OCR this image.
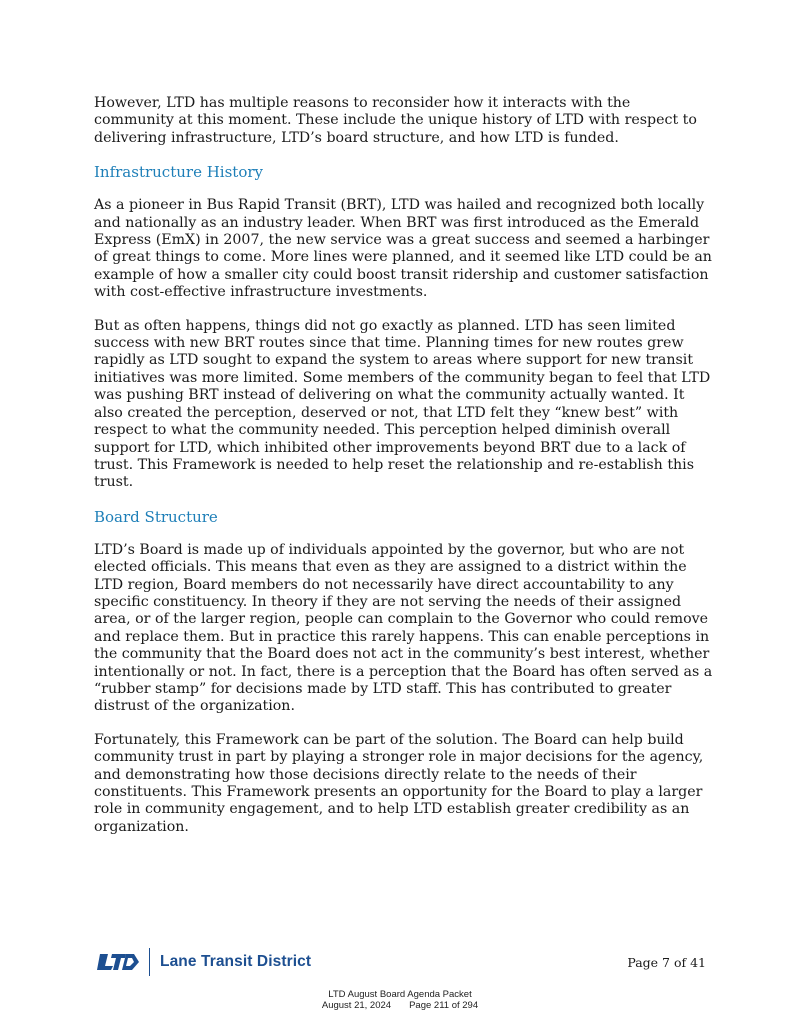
However, LTD has multiple reasons to reconsider how it interacts with the community at this moment. These include the unique history of LTD with respect to delivering infrastructure, LTD’s board structure, and how LTD is funded.

Infrastructure History

As a pioneer in Bus Rapid Transit (BRT), LTD was hailed and recognized both locally and nationally as an industry leader. When BRT was first introduced as the Emerald Express (EmX) in 2007, the new service was a great success and seemed a harbinger of great things to come. More lines were planned, and it seemed like LTD could be an example of how a smaller city could boost transit ridership and customer satisfaction with cost-effective infrastructure investments.

But as often happens, things did not go exactly as planned. LTD has seen limited success with new BRT routes since that time. Planning times for new routes grew rapidly as LTD sought to expand the system to areas where support for new transit initiatives was more limited. Some members of the community began to feel that LTD was pushing BRT instead of delivering on what the community actually wanted. It also created the perception, deserved or not, that LTD felt they “knew best” with respect to what the community needed. This perception helped diminish overall support for LTD, which inhibited other improvements beyond BRT due to a lack of trust. This Framework is needed to help reset the relationship and re-establish this trust.

Board Structure

LTD’s Board is made up of individuals appointed by the governor, but who are not elected officials. This means that even as they are assigned to a district within the LTD region, Board members do not necessarily have direct accountability to any specific constituency. In theory if they are not serving the needs of their assigned area, or of the larger region, people can complain to the Governor who could remove and replace them. But in practice this rarely happens. This can enable perceptions in the community that the Board does not act in the community’s best interest, whether intentionally or not. In fact, there is a perception that the Board has often served as a “rubber stamp” for decisions made by LTD staff. This has contributed to greater distrust of the organization.

Fortunately, this Framework can be part of the solution. The Board can help build community trust in part by playing a stronger role in major decisions for the agency, and demonstrating how those decisions directly relate to the needs of their constituents. This Framework presents an opportunity for the Board to play a larger role in community engagement, and to help LTD establish greater credibility as an organization.

Lane Transit District	Page 7 of 41
LTD August Board Agenda Packet
August 21, 2024 Page 211 of 294
